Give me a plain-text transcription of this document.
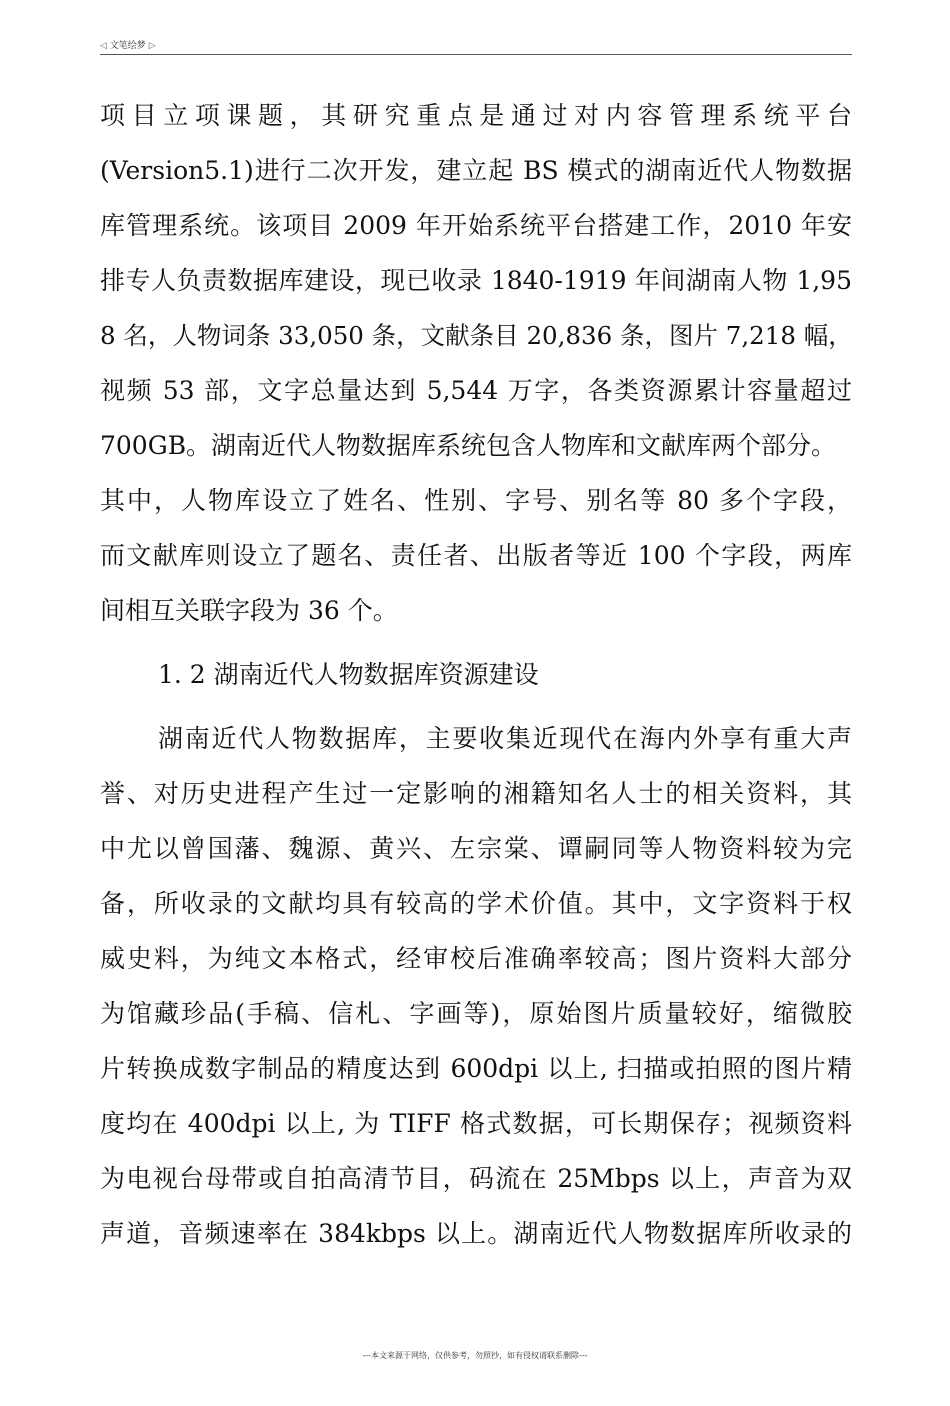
◁ 文笔绘梦 ▷
项目立项课题，其研究重点是通过对内容管理系统平台
(Version5.1)进行二次开发，建立起 BS 模式的湖南近代人物数据
库管理系统。该项目 2009 年开始系统平台搭建工作，2010 年安
排专人负责数据库建设，现已收录 1840-1919 年间湖南人物 1,95
8 名，人物词条 33,050 条，文献条目 20,836 条，图片 7,218 幅，
视频 53 部，文字总量达到 5,544 万字，各类资源累计容量超过
700GB。湖南近代人物数据库系统包含人物库和文献库两个部分。
其中，人物库设立了姓名、性别、字号、别名等 80 多个字段，
而文献库则设立了题名、责任者、出版者等近 100 个字段，两库
间相互关联字段为 36 个。
1. 2 湖南近代人物数据库资源建设
湖南近代人物数据库，主要收集近现代在海内外享有重大声
誉、对历史进程产生过一定影响的湘籍知名人士的相关资料，其
中尤以曾国藩、魏源、黄兴、左宗棠、谭嗣同等人物资料较为完
备，所收录的文献均具有较高的学术价值。其中，文字资料于权
威史料，为纯文本格式，经审校后准确率较高；图片资料大部分
为馆藏珍品(手稿、信札、字画等)，原始图片质量较好，缩微胶
片转换成数字制品的精度达到 600dpi 以上, 扫描或拍照的图片精
度均在 400dpi 以上, 为 TIFF 格式数据，可长期保存；视频资料
为电视台母带或自拍高清节目，码流在 25Mbps 以上，声音为双
声道，音频速率在 384kbps 以上。湖南近代人物数据库所收录的
---本文来源于网络，仅供参考，勿照抄，如有侵权请联系删除---
